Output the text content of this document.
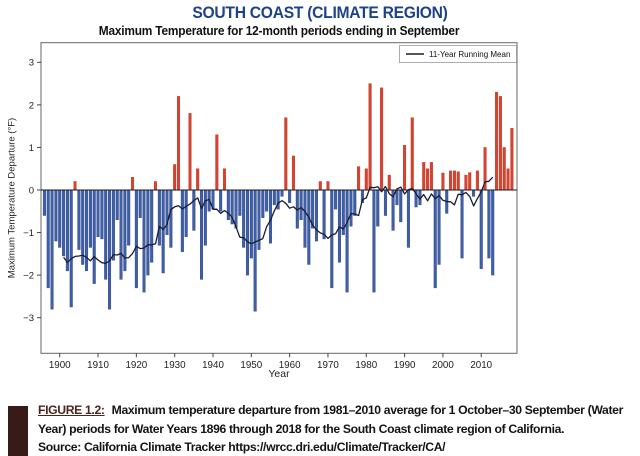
SOUTH COAST (CLIMATE REGION)
Maximum Temperature for 12-month periods ending in September
3
2
1
0
−1
−2
−3
1900 1910 1920 1930 1940 1950 1960 1970 1980 1990 2000 2010
11-Year Running Mean
Maximum Temperature Departure (°F)
Year
FIGURE 1.2: Maximum temperature departure from 1981–2010 average for 1 October–30 September (Water Year) periods for Water Years 1896 through 2018 for the South Coast climate region of California.
Source: California Climate Tracker https://wrcc.dri.edu/Climate/Tracker/CA/
